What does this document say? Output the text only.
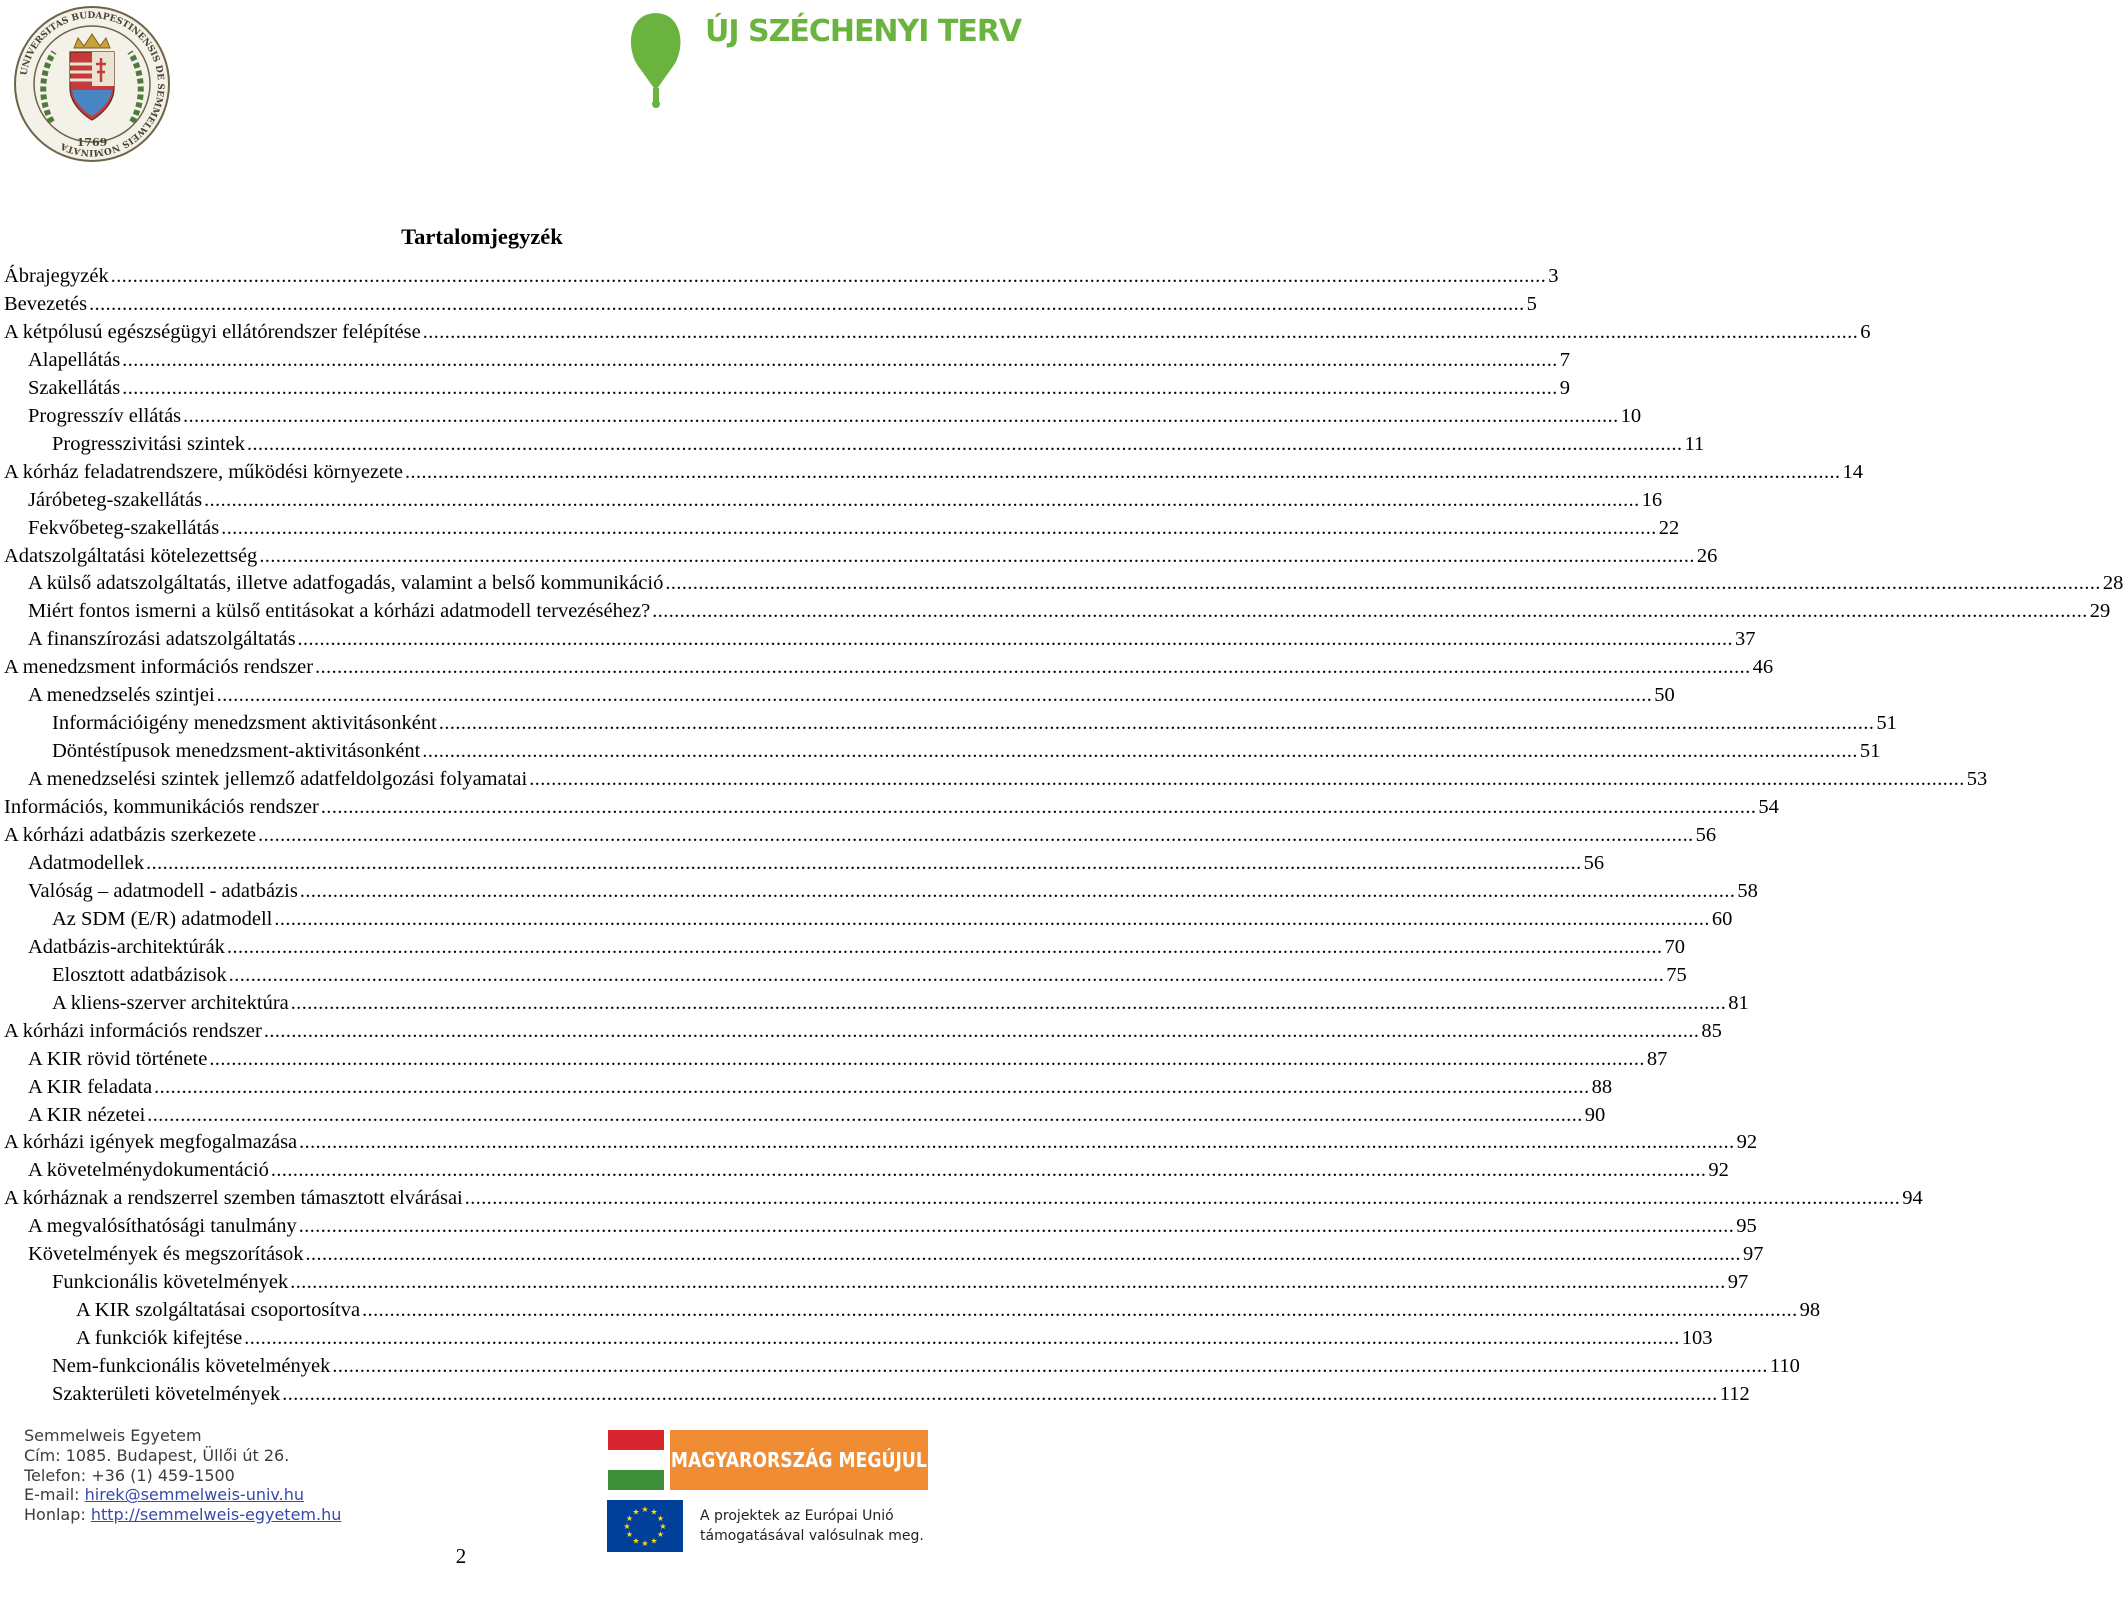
UNIVERSITAS BUDAPESTINENSIS DE SEMMELWEIS NOMINATA 1769
ÚJ SZÉCHENYI TERV
Tartalomjegyzék
Ábrajegyzék .....	3
Bevezetés .....	5
A kétpólusú egészségügyi ellátórendszer felépítése .....	6
Alapellátás .....	7
Szakellátás .....	9
Progresszív ellátás .....	10
Progresszivitási szintek .....	11
A kórház feladatrendszere, működési környezete .....	14
Járóbeteg-szakellátás .....	16
Fekvőbeteg-szakellátás .....	22
Adatszolgáltatási kötelezettség .....	26
A külső adatszolgáltatás, illetve adatfogadás, valamint a belső kommunikáció .....	28
Miért fontos ismerni a külső entitásokat a kórházi adatmodell tervezéséhez? .....	29
A finanszírozási adatszolgáltatás .....	37
A menedzsment információs rendszer .....	46
A menedzselés szintjei .....	50
Információigény menedzsment aktivitásonként .....	51
Döntéstípusok menedzsment-aktivitásonként .....	51
A menedzselési szintek jellemző adatfeldolgozási folyamatai .....	53
Információs, kommunikációs rendszer .....	54
A kórházi adatbázis szerkezete .....	56
Adatmodellek .....	56
Valóság – adatmodell - adatbázis .....	58
Az SDM (E/R) adatmodell .....	60
Adatbázis-architektúrák .....	70
Elosztott adatbázisok .....	75
A kliens-szerver architektúra .....	81
A kórházi információs rendszer .....	85
A KIR rövid története .....	87
A KIR feladata .....	88
A KIR nézetei .....	90
A kórházi igények megfogalmazása .....	92
A követelménydokumentáció .....	92
A kórháznak a rendszerrel szemben támasztott elvárásai .....	94
A megvalósíthatósági tanulmány .....	95
Követelmények és megszorítások .....	97
Funkcionális követelmények .....	97
A KIR szolgáltatásai csoportosítva .....	98
A funkciók kifejtése .....	103
Nem-funkcionális követelmények .....	110
Szakterületi követelmények .....	112
Semmelweis Egyetem
Cím: 1085. Budapest, Üllői út 26.
Telefon: +36 (1) 459-1500
E-mail: hirek@semmelweis-univ.hu
Honlap: http://semmelweis-egyetem.hu
MAGYARORSZÁG MEGÚJUL
★ ★
★
★
★
★
★
★
★
★
★
★	A projektek az Európai Unió
támogatásával valósulnak meg.
2
